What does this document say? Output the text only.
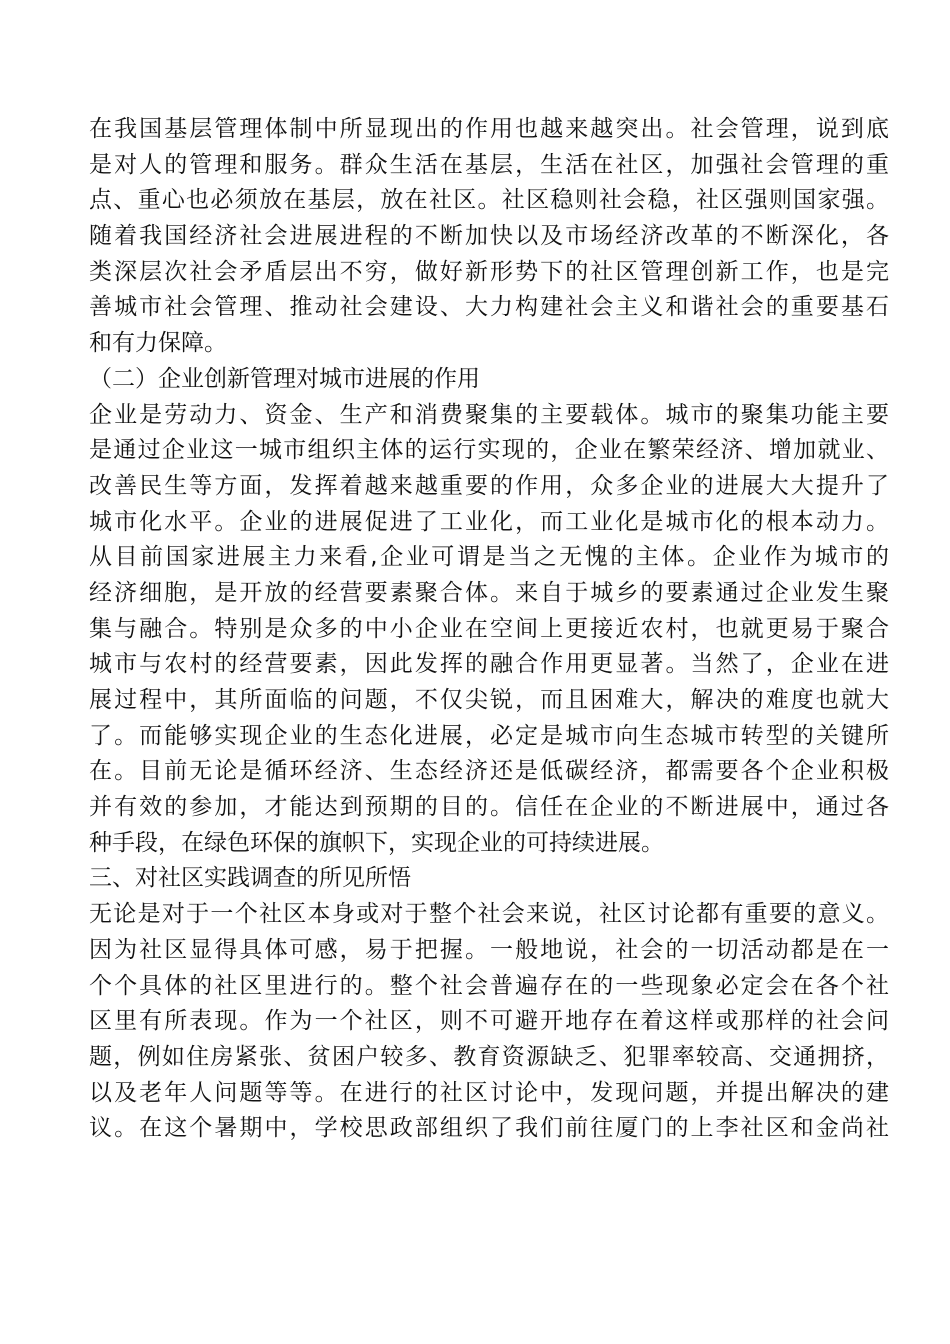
在我国基层管理体制中所显现出的作用也越来越突出。社会管理，说到底
是对人的管理和服务。群众生活在基层，生活在社区，加强社会管理的重
点、重心也必须放在基层，放在社区。社区稳则社会稳，社区强则国家强。
随着我国经济社会进展进程的不断加快以及市场经济改革的不断深化，各
类深层次社会矛盾层出不穷，做好新形势下的社区管理创新工作，也是完
善城市社会管理、推动社会建设、大力构建社会主义和谐社会的重要基石
和有力保障。
（二）企业创新管理对城市进展的作用
企业是劳动力、资金、生产和消费聚集的主要载体。城市的聚集功能主要
是通过企业这一城市组织主体的运行实现的，企业在繁荣经济、增加就业、
改善民生等方面，发挥着越来越重要的作用，众多企业的进展大大提升了
城市化水平。企业的进展促进了工业化，而工业化是城市化的根本动力。
从目前国家进展主力来看,企业可谓是当之无愧的主体。企业作为城市的
经济细胞，是开放的经营要素聚合体。来自于城乡的要素通过企业发生聚
集与融合。特别是众多的中小企业在空间上更接近农村，也就更易于聚合
城市与农村的经营要素，因此发挥的融合作用更显著。当然了，企业在进
展过程中，其所面临的问题，不仅尖锐，而且困难大，解决的难度也就大
了。而能够实现企业的生态化进展，必定是城市向生态城市转型的关键所
在。目前无论是循环经济、生态经济还是低碳经济，都需要各个企业积极
并有效的参加，才能达到预期的目的。信任在企业的不断进展中，通过各
种手段，在绿色环保的旗帜下，实现企业的可持续进展。
三、对社区实践调查的所见所悟
无论是对于一个社区本身或对于整个社会来说，社区讨论都有重要的意义。
因为社区显得具体可感，易于把握。一般地说，社会的一切活动都是在一
个个具体的社区里进行的。整个社会普遍存在的一些现象必定会在各个社
区里有所表现。作为一个社区，则不可避开地存在着这样或那样的社会问
题，例如住房紧张、贫困户较多、教育资源缺乏、犯罪率较高、交通拥挤，
以及老年人问题等等。在进行的社区讨论中，发现问题，并提出解决的建
议。在这个暑期中，学校思政部组织了我们前往厦门的上李社区和金尚社
